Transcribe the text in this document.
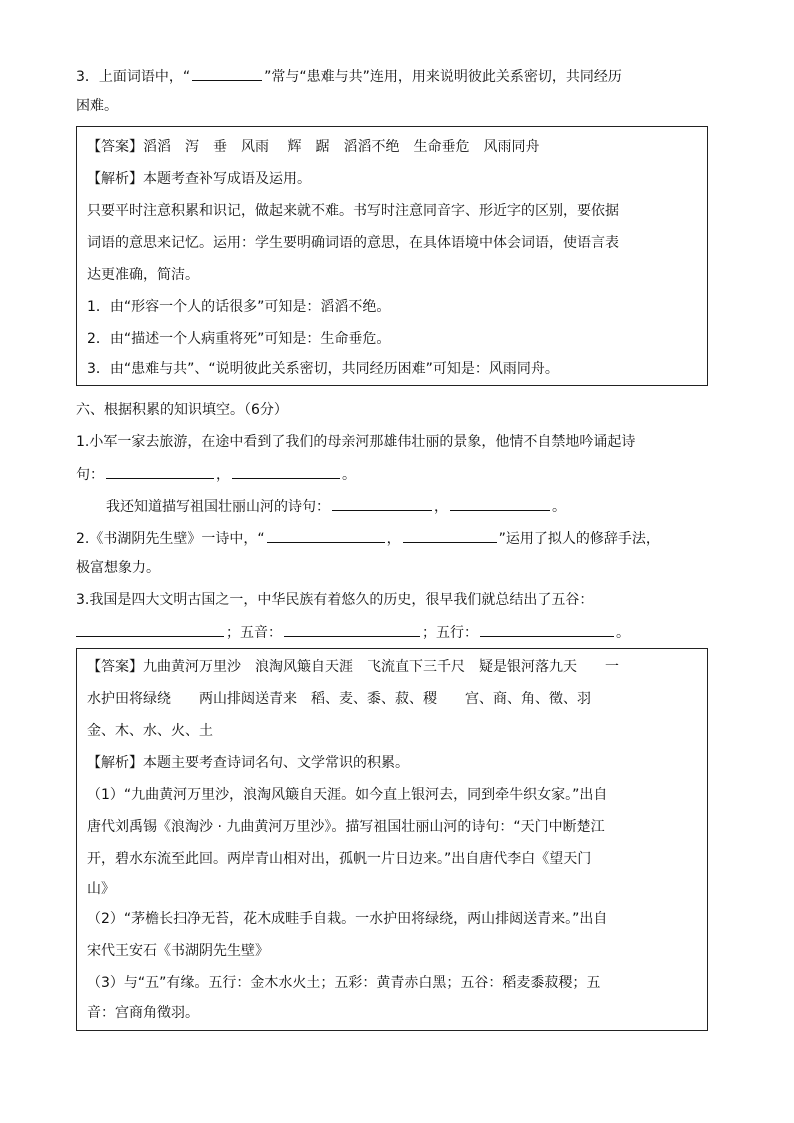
3．上面词语中，“	”常与“患难与共”连用，用来说明彼此关系密切，共同经历
困难。
【答案】滔滔　泻　垂　风雨　 辉　踞　滔滔不绝　生命垂危　风雨同舟
【解析】本题考查补写成语及运用。
只要平时注意积累和识记，做起来就不难。书写时注意同音字、形近字的区别，要依据
词语的意思来记忆。运用：学生要明确词语的意思，在具体语境中体会词语，使语言表
达更准确，简洁。
1．由“形容一个人的话很多”可知是：滔滔不绝。
2．由“描述一个人病重将死”可知是：生命垂危。
3．由“患难与共”、“说明彼此关系密切，共同经历困难”可知是：风雨同舟。
六、根据积累的知识填空。（6分）
1.小军一家去旅游，在途中看到了我们的母亲河那雄伟壮丽的景象，他情不自禁地吟诵起诗
句：	，	。
我还知道描写祖国壮丽山河的诗句：	，	。
2.《书湖阴先生壁》一诗中，“	，	”运用了拟人的修辞手法，
极富想象力。
3.我国是四大文明古国之一，中华民族有着悠久的历史，很早我们就总结出了五谷：
；五音：	；五行：	。
【答案】九曲黄河万里沙　浪淘风簸自天涯　飞流直下三千尺　疑是银河落九天　　一
水护田将绿绕　　两山排闼送青来　稻、麦、黍、菽、稷　　宫、商、角、徵、羽
金、木、水、火、土
【解析】本题主要考查诗词名句、文学常识的积累。
（1）“九曲黄河万里沙，浪淘风簸自天涯。如今直上银河去，同到牵牛织女家。”出自
唐代刘禹锡《浪淘沙 · 九曲黄河万里沙》。描写祖国壮丽山河的诗句：“天门中断楚江
开，碧水东流至此回。两岸青山相对出，孤帆一片日边来。”出自唐代李白《望天门
山》
（2）“茅檐长扫净无苔，花木成畦手自栽。一水护田将绿绕，两山排闼送青来。”出自
宋代王安石《书湖阴先生壁》
（3）与“五”有缘。五行：金木水火土；五彩：黄青赤白黑；五谷：稻麦黍菽稷；五
音：宫商角徵羽。
